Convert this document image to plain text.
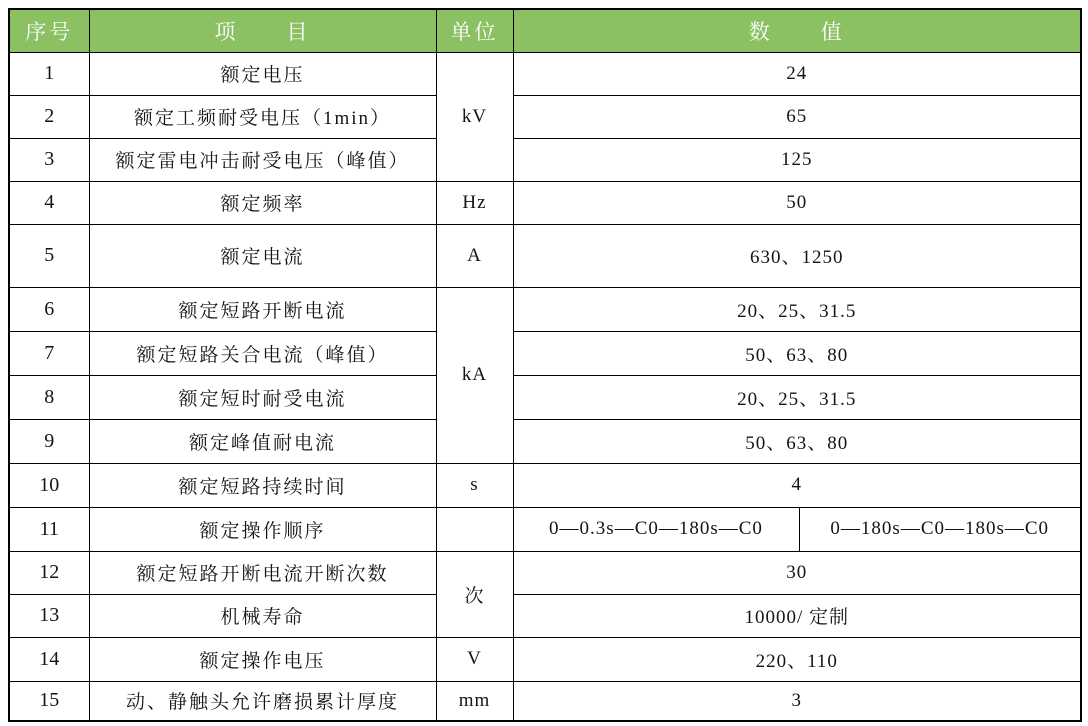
序号	项　　目	单位	数　　值	
1	额定电压	kV	24	
2	额定工频耐受电压（1min）		65	
3	额定雷电冲击耐受电压（峰值）		125	
4	额定频率	Hz	50	
5	额定电流	A	630、1250	
6	额定短路开断电流	kA	20、25、31.5	
7	额定短路关合电流（峰值）		50、63、80	
8	额定短时耐受电流		20、25、31.5	
9	额定峰值耐电流		50、63、80	
10	额定短路持续时间	s	4	
11	额定操作顺序		0—0.3s—C0—180s—C0	0—180s—C0—180s—C0
12	额定短路开断电流开断次数	次	30	
13	机械寿命		10000/ 定制	
14	额定操作电压	V	220、110	
15	动、静触头允许磨损累计厚度	mm	3	
